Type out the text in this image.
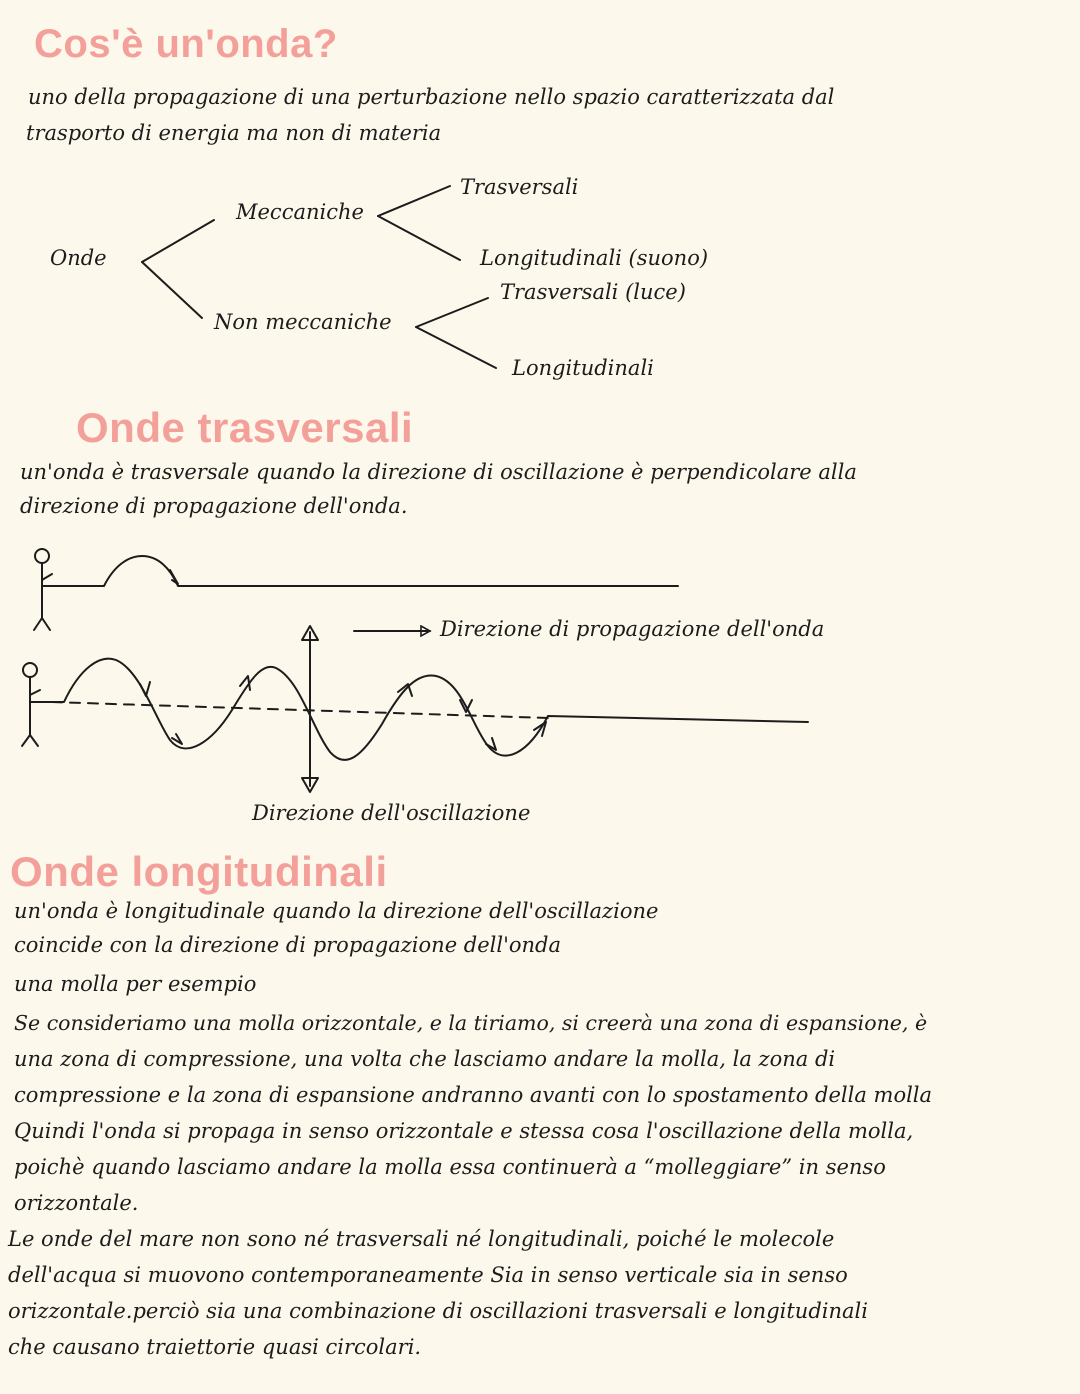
Cos'è un'onda?
uno della propagazione di una perturbazione nello spazio caratterizzata dal
trasporto di energia ma non di materia
Onde
Meccaniche
Trasversali
Longitudinali (suono)
Non meccaniche
Trasversali (luce)
Longitudinali
Onde trasversali
un'onda è trasversale quando la direzione di oscillazione è perpendicolare alla
direzione di propagazione dell'onda.
Direzione di propagazione dell'onda
Direzione dell'oscillazione
Onde longitudinali
un'onda è longitudinale quando la direzione dell'oscillazione
coincide con la direzione di propagazione dell'onda
una molla per esempio
Se consideriamo una molla orizzontale, e la tiriamo, si creerà una zona di espansione, è
una zona di compressione, una volta che lasciamo andare la molla, la zona di
compressione e la zona di espansione andranno avanti con lo spostamento della molla
Quindi l'onda si propaga in senso orizzontale e stessa cosa l'oscillazione della molla,
poichè quando lasciamo andare la molla essa continuerà a “molleggiare” in senso
orizzontale.
Le onde del mare non sono né trasversali né longitudinali, poiché le molecole
dell'acqua si muovono contemporaneamente Sia in senso verticale sia in senso
orizzontale.perciò sia una combinazione di oscillazioni trasversali e longitudinali
che causano traiettorie quasi circolari.
